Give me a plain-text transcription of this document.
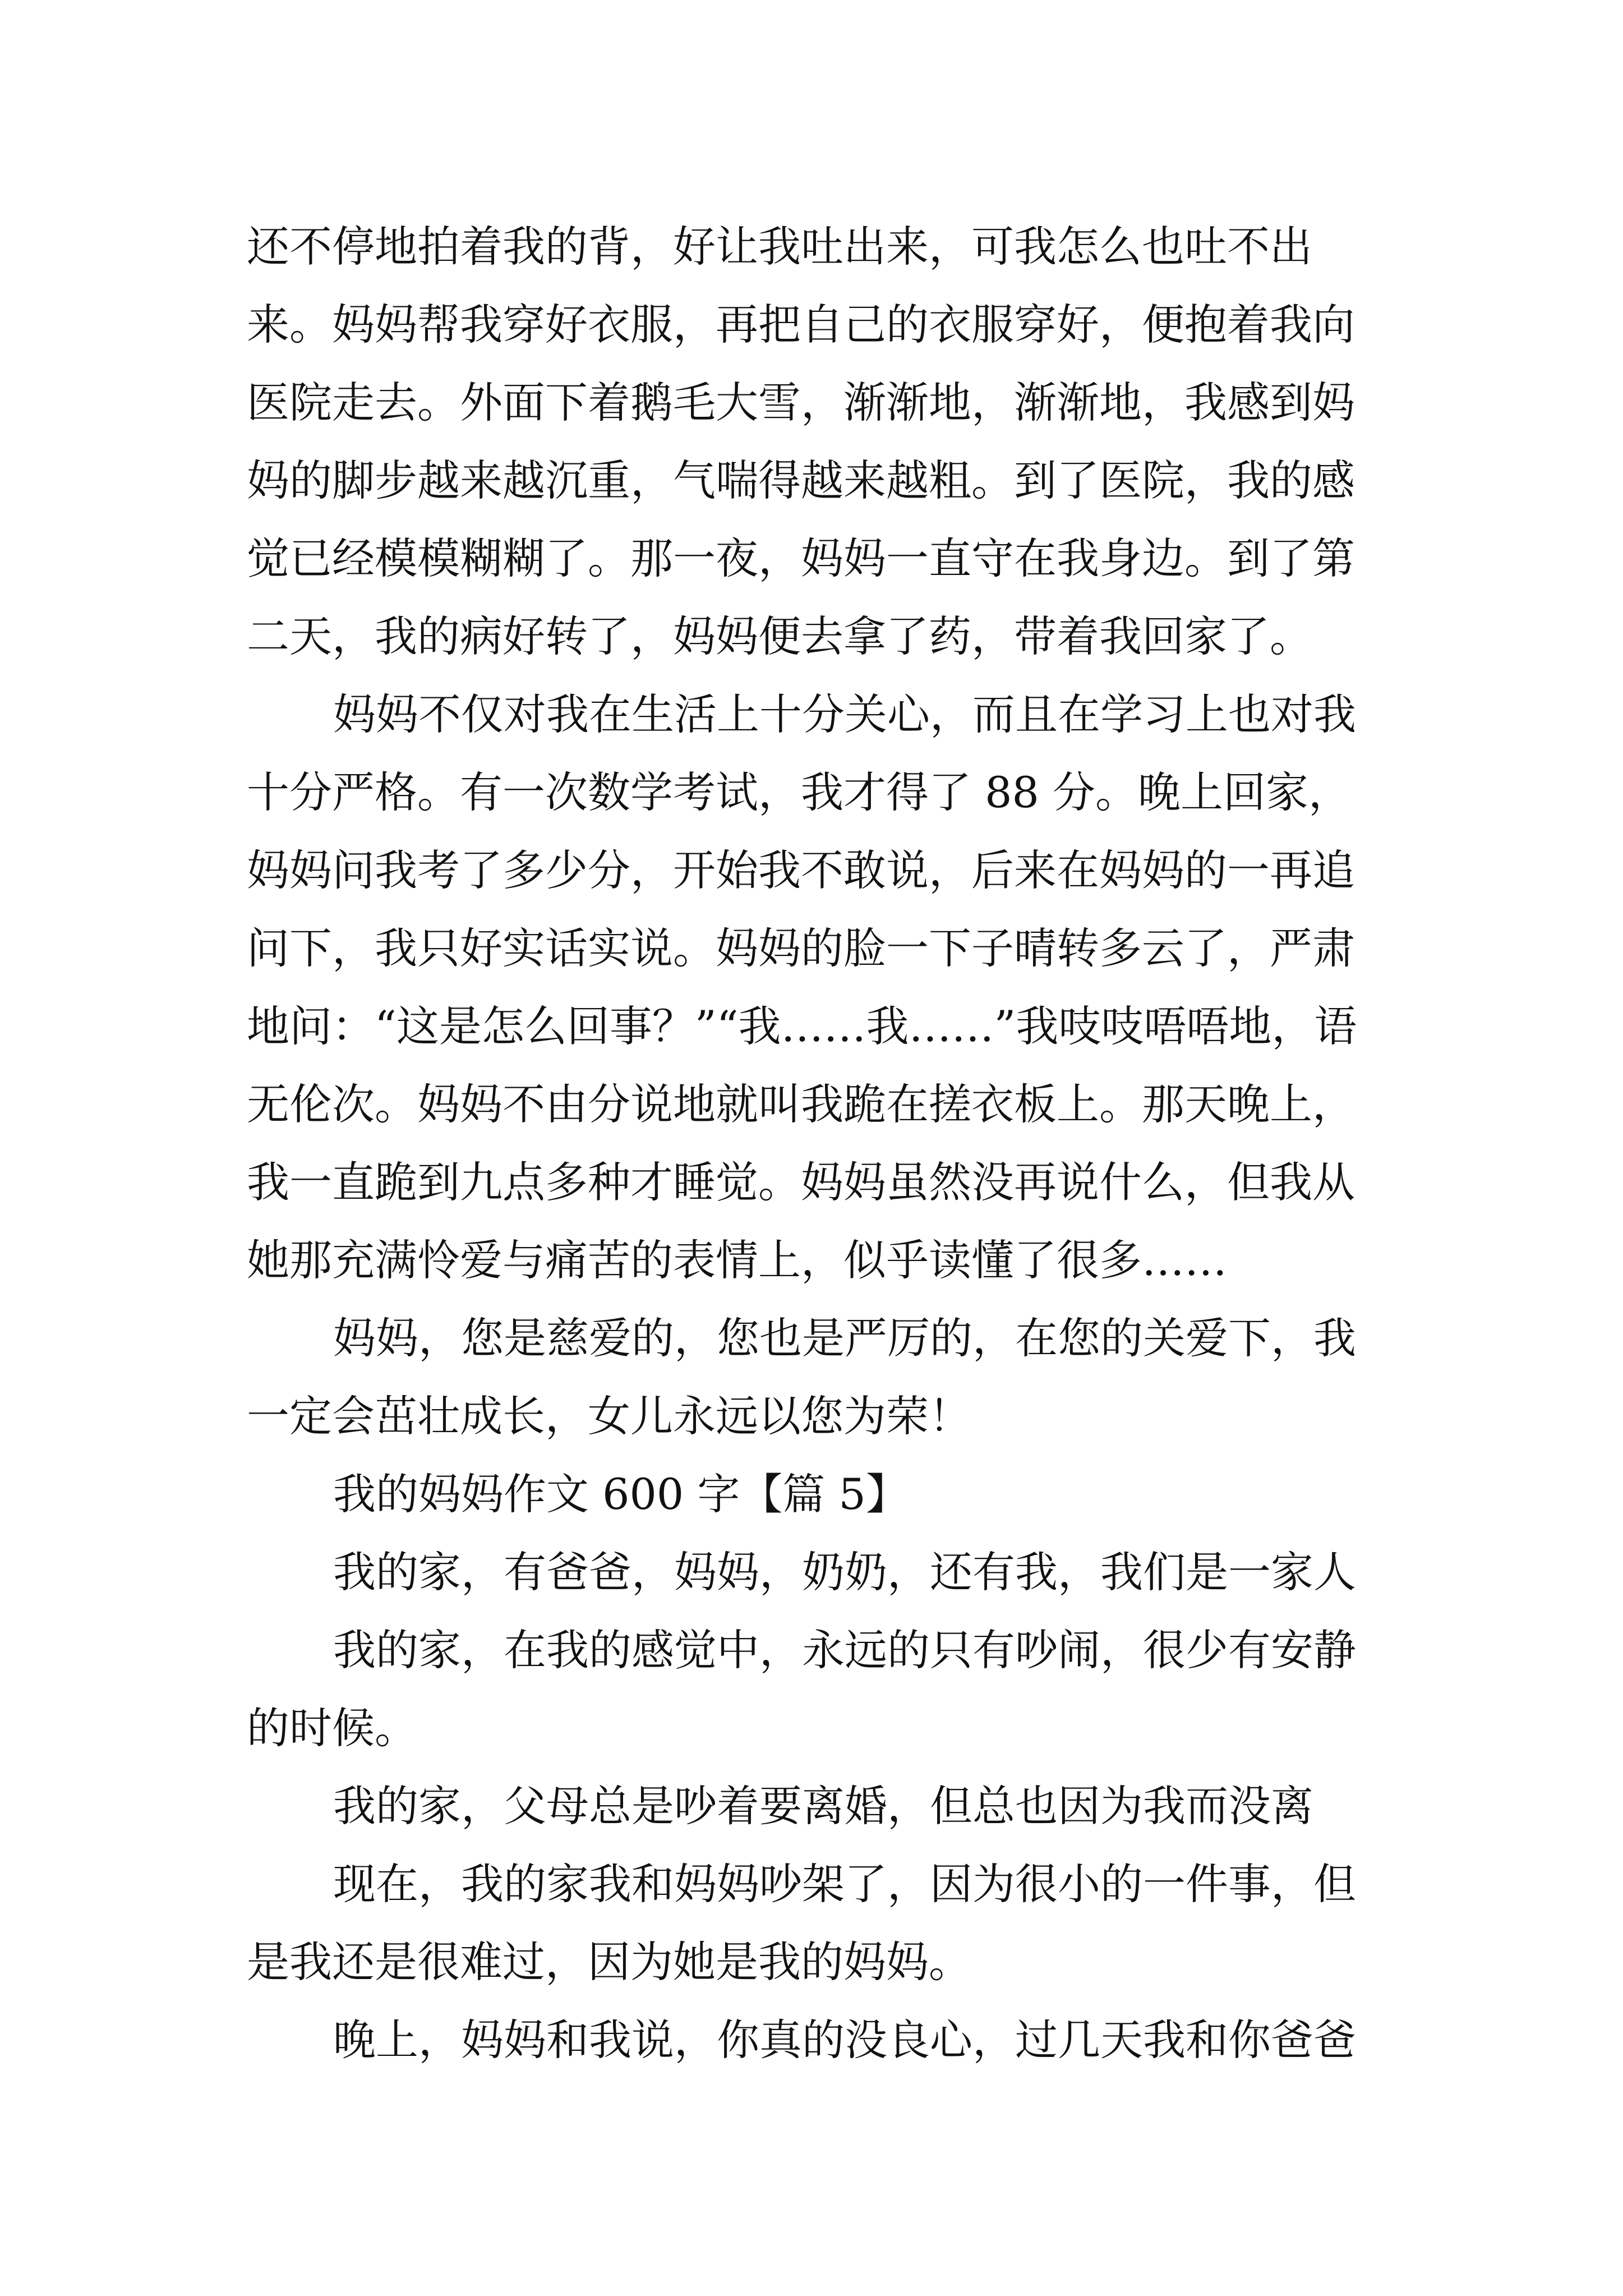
还不停地拍着我的背，好让我吐出来，可我怎么也吐不出来。妈妈帮我穿好衣服，再把自己的衣服穿好，便抱着我向医院走去。外面下着鹅毛大雪，渐渐地，渐渐地，我感到妈妈的脚步越来越沉重，气喘得越来越粗。到了医院，我的感觉已经模模糊糊了。那一夜，妈妈一直守在我身边。到了第二天，我的病好转了，妈妈便去拿了药，带着我回家了。

妈妈不仅对我在生活上十分关心，而且在学习上也对我十分严格。有一次数学考试，我才得了 88 分。晚上回家，妈妈问我考了多少分，开始我不敢说，后来在妈妈的一再追问下，我只好实话实说。妈妈的脸一下子晴转多云了，严肃地问：“这是怎么回事？”“我……我……”我吱吱唔唔地，语无伦次。妈妈不由分说地就叫我跪在搓衣板上。那天晚上，我一直跪到九点多种才睡觉。妈妈虽然没再说什么，但我从她那充满怜爱与痛苦的表情上，似乎读懂了很多……

妈妈，您是慈爱的，您也是严厉的，在您的关爱下，我一定会茁壮成长，女儿永远以您为荣！

我的妈妈作文 600 字【篇 5】

我的家，有爸爸，妈妈，奶奶，还有我，我们是一家人

我的家，在我的感觉中，永远的只有吵闹，很少有安静的时候。

我的家，父母总是吵着要离婚，但总也因为我而没离

现在，我的家我和妈妈吵架了，因为很小的一件事，但是我还是很难过，因为她是我的妈妈。

晚上，妈妈和我说，你真的没良心，过几天我和你爸爸
